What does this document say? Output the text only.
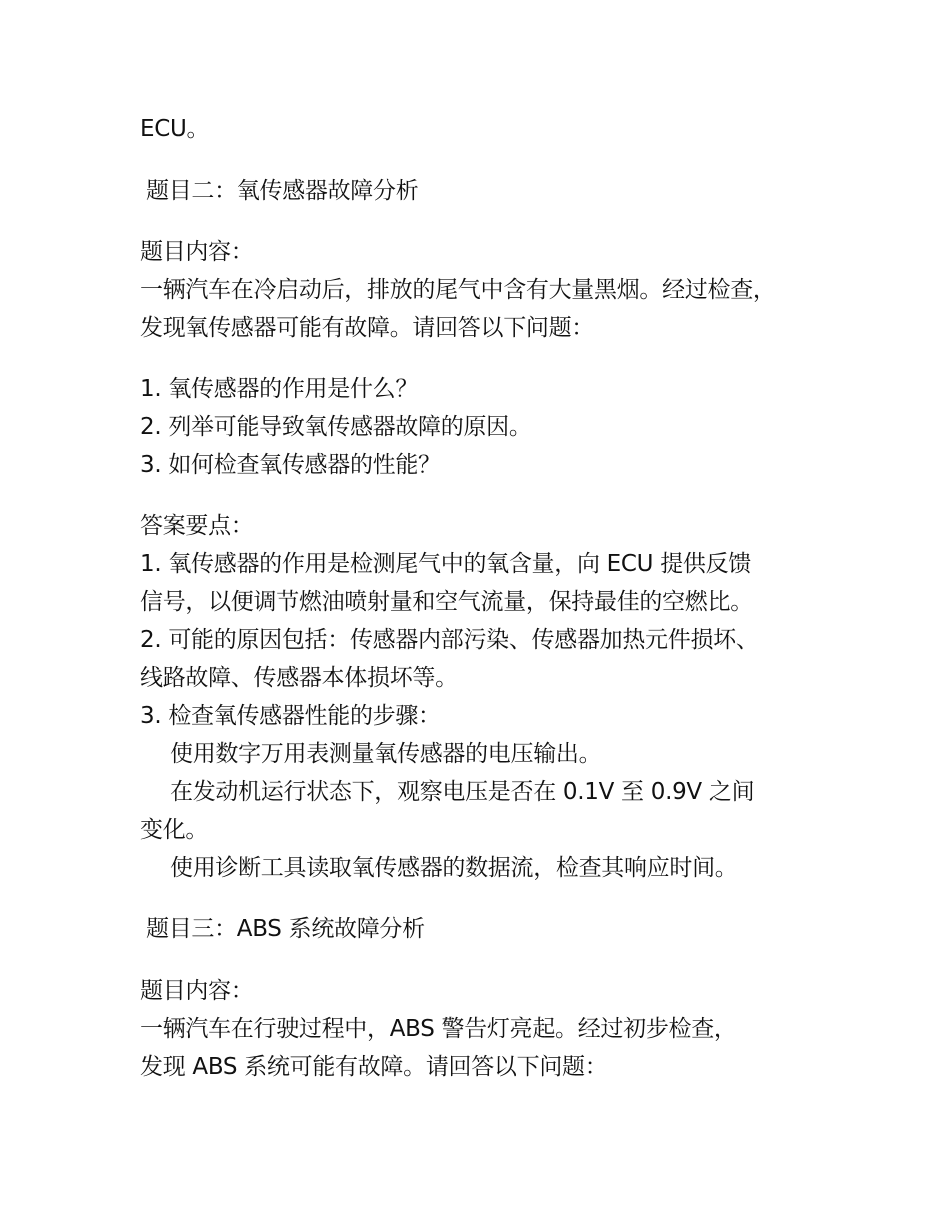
ECU。
题目二：氧传感器故障分析
题目内容：
一辆汽车在冷启动后，排放的尾气中含有大量黑烟。经过检查，
发现氧传感器可能有故障。请回答以下问题：
1. 氧传感器的作用是什么？
2. 列举可能导致氧传感器故障的原因。
3. 如何检查氧传感器的性能？
答案要点：
1. 氧传感器的作用是检测尾气中的氧含量，向 ECU 提供反馈
信号，以便调节燃油喷射量和空气流量，保持最佳的空燃比。
2. 可能的原因包括：传感器内部污染、传感器加热元件损坏、
线路故障、传感器本体损坏等。
3. 检查氧传感器性能的步骤：
使用数字万用表测量氧传感器的电压输出。
在发动机运行状态下，观察电压是否在 0.1V 至 0.9V 之间
变化。
使用诊断工具读取氧传感器的数据流，检查其响应时间。
题目三：ABS 系统故障分析
题目内容：
一辆汽车在行驶过程中，ABS 警告灯亮起。经过初步检查，
发现 ABS 系统可能有故障。请回答以下问题：
